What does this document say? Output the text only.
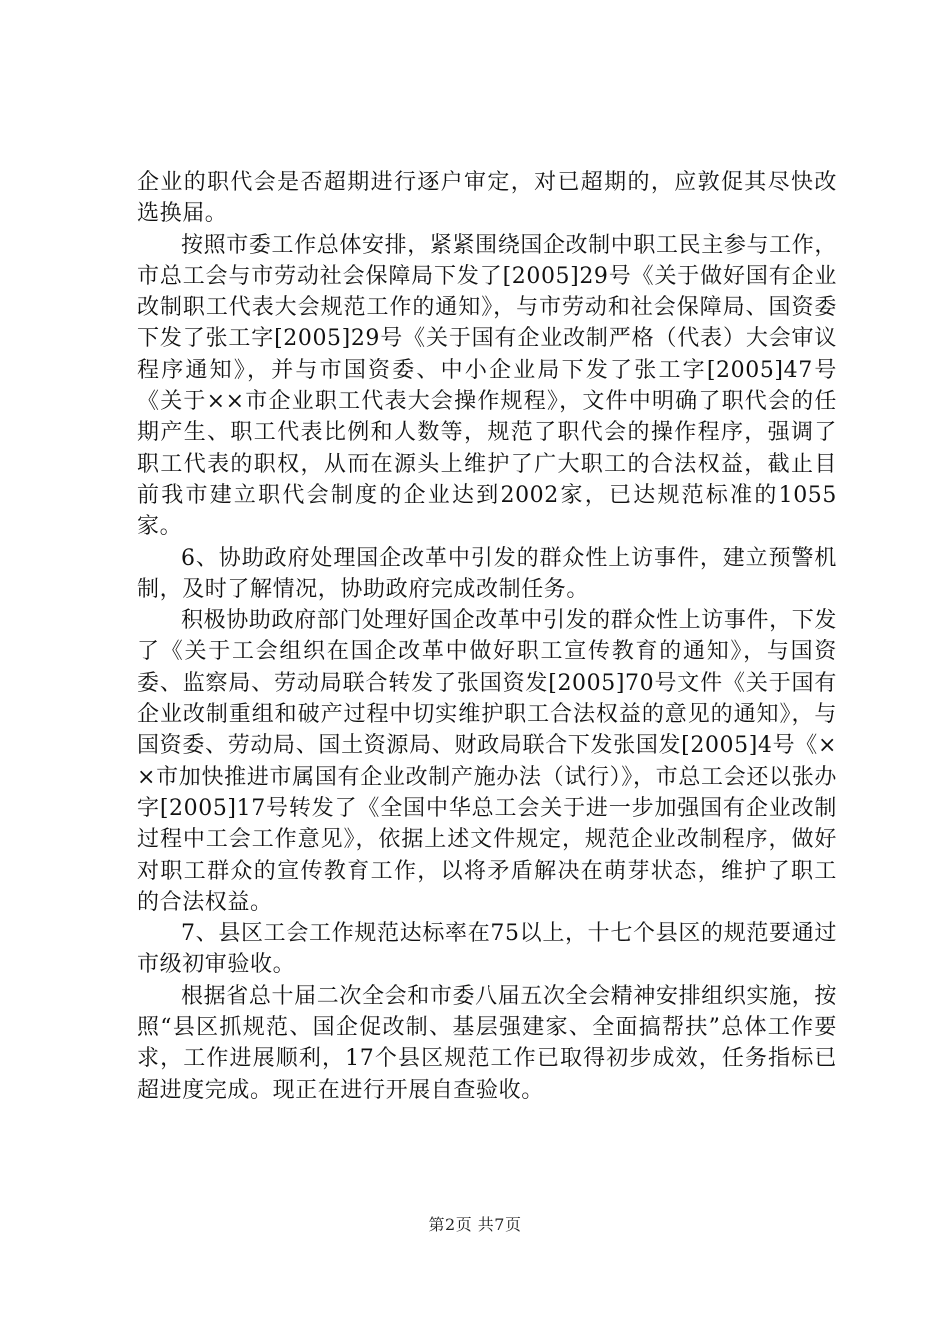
企业的职代会是否超期进行逐户审定，对已超期的，应敦促其尽快改选换届。

按照市委工作总体安排，紧紧围绕国企改制中职工民主参与工作，市总工会与市劳动社会保障局下发了[2005]29号《关于做好国有企业改制职工代表大会规范工作的通知》，与市劳动和社会保障局、国资委下发了张工字[2005]29号《关于国有企业改制严格（代表）大会审议程序通知》，并与市国资委、中小企业局下发了张工字[2005]47号《关于××市企业职工代表大会操作规程》，文件中明确了职代会的任期产生、职工代表比例和人数等，规范了职代会的操作程序，强调了职工代表的职权，从而在源头上维护了广大职工的合法权益，截止目前我市建立职代会制度的企业达到2002家，已达规范标准的1055家。

6、协助政府处理国企改革中引发的群众性上访事件，建立预警机制，及时了解情况，协助政府完成改制任务。

积极协助政府部门处理好国企改革中引发的群众性上访事件，下发了《关于工会组织在国企改革中做好职工宣传教育的通知》，与国资委、监察局、劳动局联合转发了张国资发[2005]70号文件《关于国有企业改制重组和破产过程中切实维护职工合法权益的意见的通知》，与国资委、劳动局、国土资源局、财政局联合下发张国发[2005]4号《××市加快推进市属国有企业改制产施办法（试行）》，市总工会还以张办字[2005]17号转发了《全国中华总工会关于进一步加强国有企业改制过程中工会工作意见》，依据上述文件规定，规范企业改制程序，做好对职工群众的宣传教育工作，以将矛盾解决在萌芽状态，维护了职工的合法权益。

7、县区工会工作规范达标率在75以上，十七个县区的规范要通过市级初审验收。

根据省总十届二次全会和市委八届五次全会精神安排组织实施，按照“县区抓规范、国企促改制、基层强建家、全面搞帮扶”总体工作要求，工作进展顺利，17个县区规范工作已取得初步成效，任务指标已超进度完成。现正在进行开展自查验收。

第2页 共7页
